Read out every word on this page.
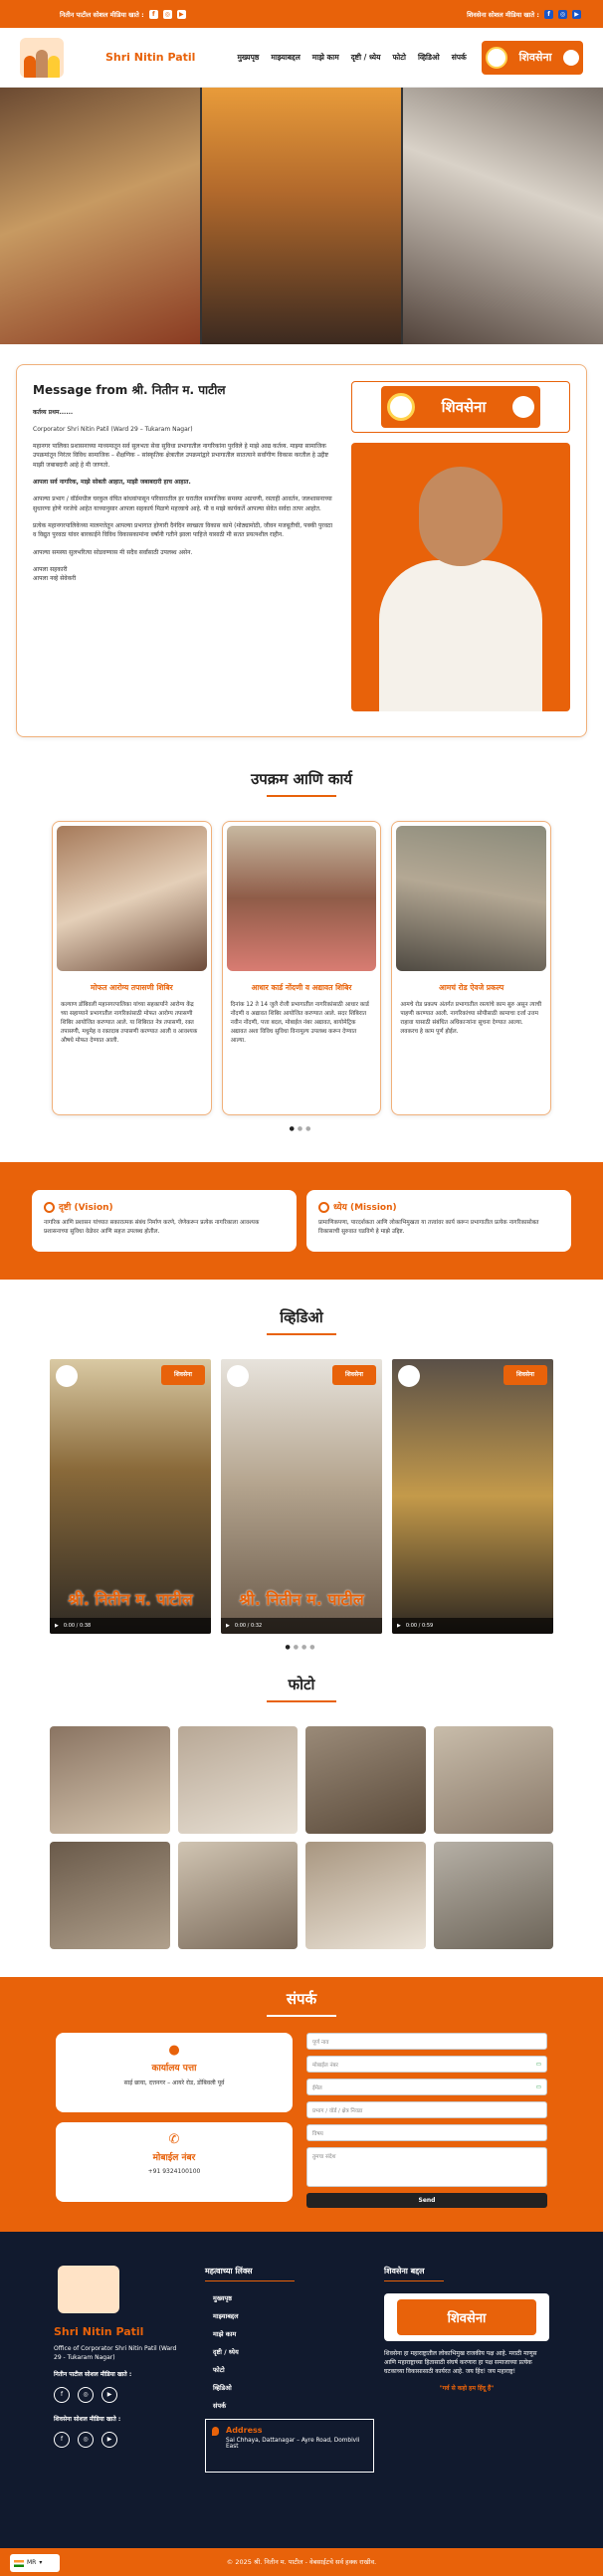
नितीन पाटील सोशल मीडिया खाते :	f	◎	▶	शिवसेना सोशल मीडिया खाते :	f	◎	▶
Shri Nitin Patil	मुख्यपृष्ठ माझ्याबद्दल माझे काम दृष्टी / ध्येय फोटो व्हिडिओ संपर्क	शिवसेना
Message from श्री. नितीन म. पाटील

कर्तव्य प्रथम......

Corporator Shri Nitin Patil (Ward 29 – Tukaram Nagar)

महानगर पालिका प्रशासनाच्या माध्यमातून सर्व सुलभता सेवा सुविधा प्रभागातील नागरिकांना पुरविले हे माझे आद्य कर्तव्य. माझ्या सामाजिक उपक्रमांतून निरंतर विविध सामाजिक – शैक्षणिक – सांस्कृतिक क्षेत्रातील उपक्रमांद्वारे प्रभागातील सातत्याने सर्वांगीण विकास करतील हे उद्दीष्ट माझी जबाबदारी आहे हे मी जाणतो.

आपला सर्व नागरिक, माझे सोबती आहात, माझी जबाबदारी हाच आहात.

आपल्या प्रभाग / वॉर्डमधील घरकुल वंचित बांधवांपासून परिवारातील हर घरातील सामाजिक समस्या अडचणी, रस्ताही आवर्तन, जलशासनाच्या सुधारणा होणे गरजेचे आहेत याच्यानुसार आपला सहकार्य मिळणे महत्त्वाचे आहे. मी व माझे कार्यकर्ते आपल्या सेवेत सर्वदा तत्पर आहोत.

प्रत्येक महानगरपालिकेच्या मालमत्तेतून आपल्या प्रभागात होणारी दैनंदिन स्वच्छता विकास कामे (मोठ्यामोठी, जीवन मजबूतीची, पक्की पुरवठा व विद्युत पुरवठा यांवर बारकाईने विविध विकासकामांना वर्षांनी गतीने झाला पाहिजे यासाठी मी सतत प्रयत्नशील राहीन.

आपल्या समस्या सुलभरित्या सोडवण्यास मी सदैव सर्वांसाठी उपलब्ध असेन.

आपला सहकारी

आपला नव्हे सेवेकरी

शिवसेना
उपक्रम आणि कार्य
मोफत आरोग्य तपासणी शिबिर

कल्याण डोंबिवली महानगरपालिका यांच्या सहकार्याने आरोग्य केंद्र च्या सहाय्याने प्रभागातील नागरिकांसाठी मोफत आरोग्य तपासणी शिबिर आयोजित करण्यात आले. या शिबिरात नेत्र तपासणी, रक्त तपासणी, मधुमेह व रक्तदाब तपासणी करण्यात आली व आवश्यक औषधे मोफत देण्यात आली.

आधार कार्ड नोंदणी व अद्यावत शिबिर

दिनांक 12 ते 14 जुलै रोजी प्रभागातील नागरिकांसाठी आधार कार्ड नोंदणी व अद्यावत शिबिर आयोजित करण्यात आले. सदर शिबिरात नवीन नोंदणी, पत्ता बदल, मोबाईल नंबर अद्यावत, बायोमेट्रिक अद्यावत अशा विविध सुविधा विनामूल्य उपलब्ध करून देण्यात आल्या.

आमचं रोड ऐवजे प्रकल्प

आमचे रोड प्रकल्प अंतर्गत प्रभागातील रस्त्यांचे काम सुरु असून त्याची पाहणी करण्यात आली. नागरिकांच्या सोयीसाठी कामाचा दर्जा उत्तम राहावा यासाठी संबंधित अधिकाऱ्यांना सूचना देण्यात आल्या. लवकरच हे काम पूर्ण होईल.

●●●
दृष्टी (Vision)

नागरिक आणि प्रशासन यांच्यात सकारात्मक संबंध निर्माण करणे, जेणेकरून प्रत्येक नागरिकाला आवश्यक प्रशासनाच्या सुविधा वेळेवर आणि सहज उपलब्ध होतील.

ध्येय (Mission)

प्रामाणिकपणा, पारदर्शकता आणि लोकाभिमुखता या तत्त्वांवर कार्य करून प्रभागातील प्रत्येक नागरिकासोबत विकासाची सुरुवात घडविणे हे माझे उद्दिष्ट.

व्हिडिओ
शिवसेना
श्री. नितीन म. पाटील
▶ 0:00 / 0:38
शिवसेना
श्री. नितीन म. पाटील
▶ 0:00 / 0:32
शिवसेना
▶ 0:00 / 0:59
●●●●
फोटो
संपर्क
●
कार्यालय पत्ता

साई छाया, दत्तनगर – आयरे रोड, डोंबिवली पूर्व

✆
मोबाईल नंबर

+91 9324100100

पूर्ण नाव
मोबाईल नंबर	▭
ईमेल	▭
प्रभाग / वॉर्ड / क्षेत्र निवडा
विषय
तुमचा संदेश
Send
Shri Nitin Patil

Office of Corporator Shri Nitin Patil (Ward 29 - Tukaram Nagar)

नितीन पाटील सोशल मीडिया खाते :

f	◎	▶

शिवसेना सोशल मीडिया खाते :

f	◎	▶
महत्वाच्या लिंक्स
मुख्यपृष्ठ
माझ्याबद्दल
माझे काम
दृष्टी / ध्येय
फोटो
व्हिडिओ
संपर्क
Address
Sai Chhaya, Dattanagar – Ayre Road, Dombivli East
शिवसेना बद्दल
शिवसेना

शिवसेना हा महाराष्ट्रातील लोकाभिमुख राजकीय पक्ष आहे. मराठी माणूस आणि महाराष्ट्राच्या हितासाठी संघर्ष करणारा हा पक्ष समाजाच्या प्रत्येक घटकाच्या विकासासाठी कार्यरत आहे. जय हिंद! जय महाराष्ट्र!

"गर्व से कहो हम हिंदू हैं"

© 2025 श्री. नितीन म. पाटील - वेबसाईटचे सर्व हक्क राखीव.
MR ▾
